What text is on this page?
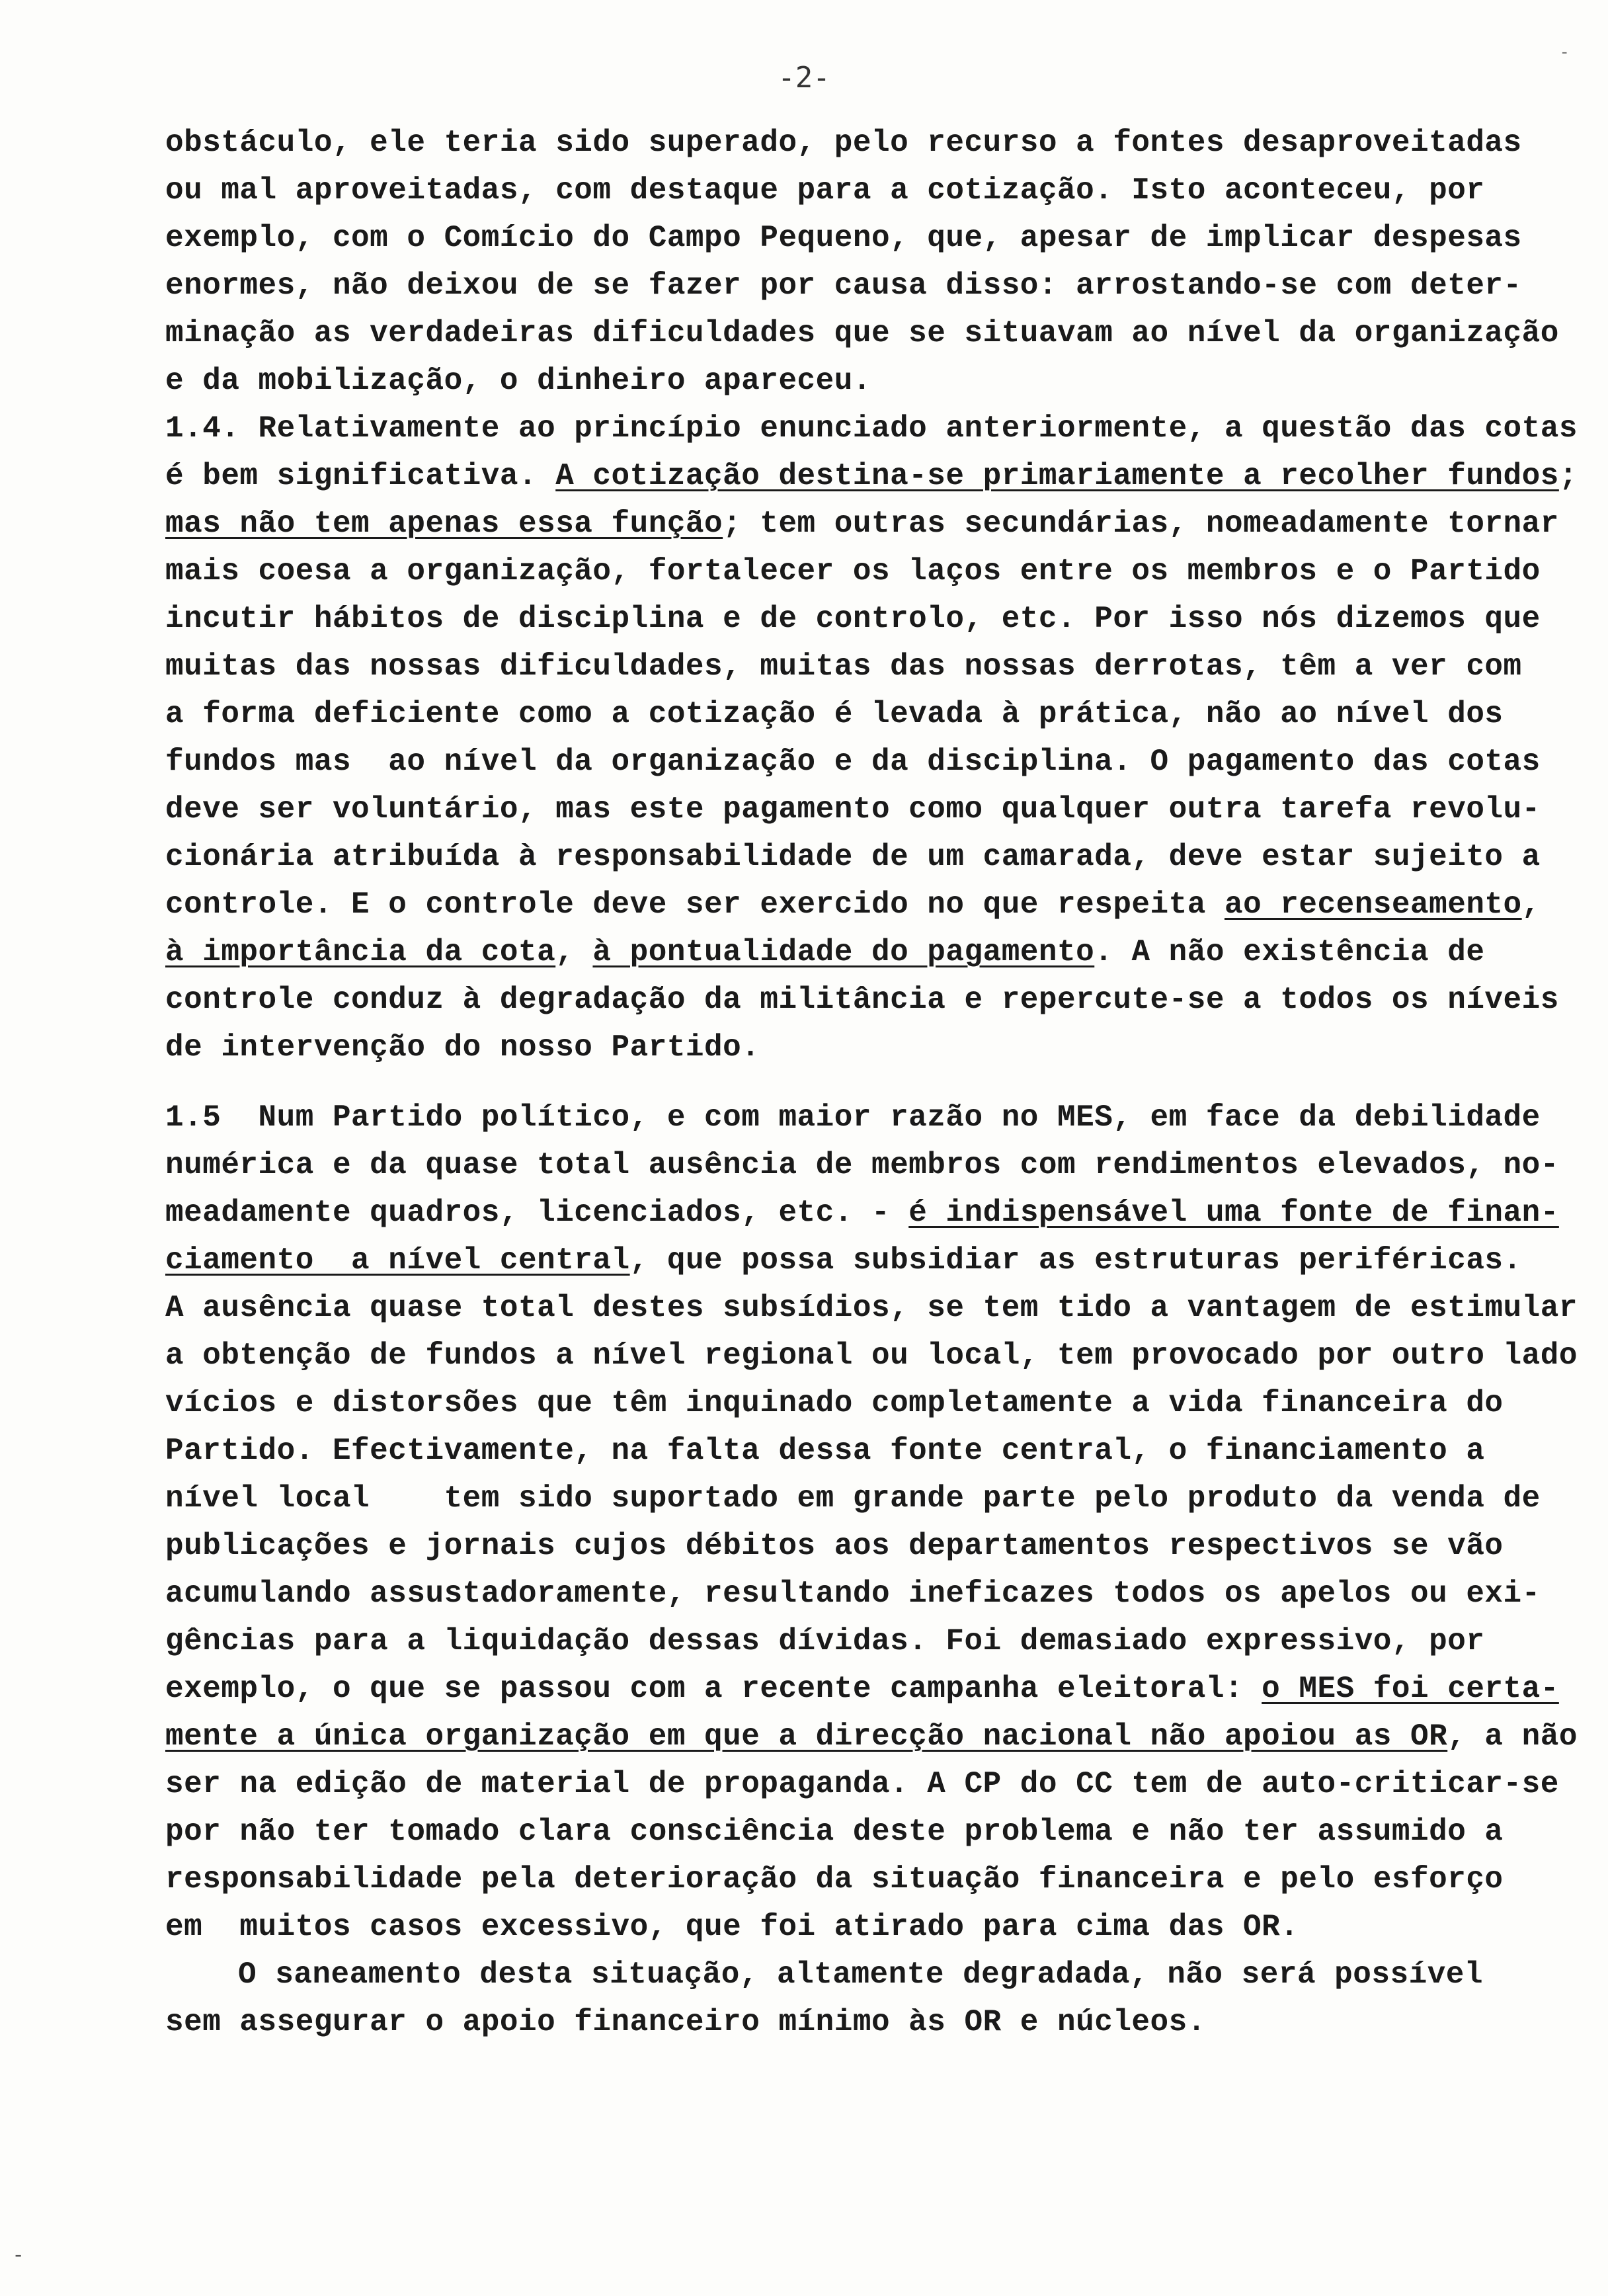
-
-2-
obstáculo, ele teria sido superado, pelo recurso a fontes desaproveitadas
ou mal aproveitadas, com destaque para a cotização. Isto aconteceu, por
exemplo, com o Comício do Campo Pequeno, que, apesar de implicar despesas
enormes, não deixou de se fazer por causa disso: arrostando-se com deter-
minação as verdadeiras dificuldades que se situavam ao nível da organização
e da mobilização, o dinheiro apareceu.
1.4. Relativamente ao princípio enunciado anteriormente, a questão das cotas
é bem significativa. A cotização destina-se primariamente a recolher fundos;
mas não tem apenas essa função; tem outras secundárias, nomeadamente tornar
mais coesa a organização, fortalecer os laços entre os membros e o Partido
incutir hábitos de disciplina e de controlo, etc. Por isso nós dizemos que
muitas das nossas dificuldades, muitas das nossas derrotas, têm a ver com
a forma deficiente como a cotização é levada à prática, não ao nível dos
fundos mas  ao nível da organização e da disciplina. O pagamento das cotas
deve ser voluntário, mas este pagamento como qualquer outra tarefa revolu-
cionária atribuída à responsabilidade de um camarada, deve estar sujeito a
controle. E o controle deve ser exercido no que respeita ao recenseamento,
à importância da cota, à pontualidade do pagamento. A não existência de
controle conduz à degradação da militância e repercute-se a todos os níveis
de intervenção do nosso Partido.
1.5  Num Partido político, e com maior razão no MES, em face da debilidade
numérica e da quase total ausência de membros com rendimentos elevados, no-
meadamente quadros, licenciados, etc. - é indispensável uma fonte de finan-
ciamento  a nível central, que possa subsidiar as estruturas periféricas.
A ausência quase total destes subsídios, se tem tido a vantagem de estimular
a obtenção de fundos a nível regional ou local, tem provocado por outro lado
vícios e distorsões que têm inquinado completamente a vida financeira do
Partido. Efectivamente, na falta dessa fonte central, o financiamento a
nível local    tem sido suportado em grande parte pelo produto da venda de
publicações e jornais cujos débitos aos departamentos respectivos se vão
acumulando assustadoramente, resultando ineficazes todos os apelos ou exi-
gências para a liquidação dessas dívidas. Foi demasiado expressivo, por
exemplo, o que se passou com a recente campanha eleitoral: o MES foi certa-
mente a única organização em que a direcção nacional não apoiou as OR, a não
ser na edição de material de propaganda. A CP do CC tem de auto-criticar-se
por não ter tomado clara consciência deste problema e não ter assumido a
responsabilidade pela deterioração da situação financeira e pelo esforço
em  muitos casos excessivo, que foi atirado para cima das OR.
O saneamento desta situação, altamente degradada, não será possível
sem assegurar o apoio financeiro mínimo às OR e núcleos.
-
